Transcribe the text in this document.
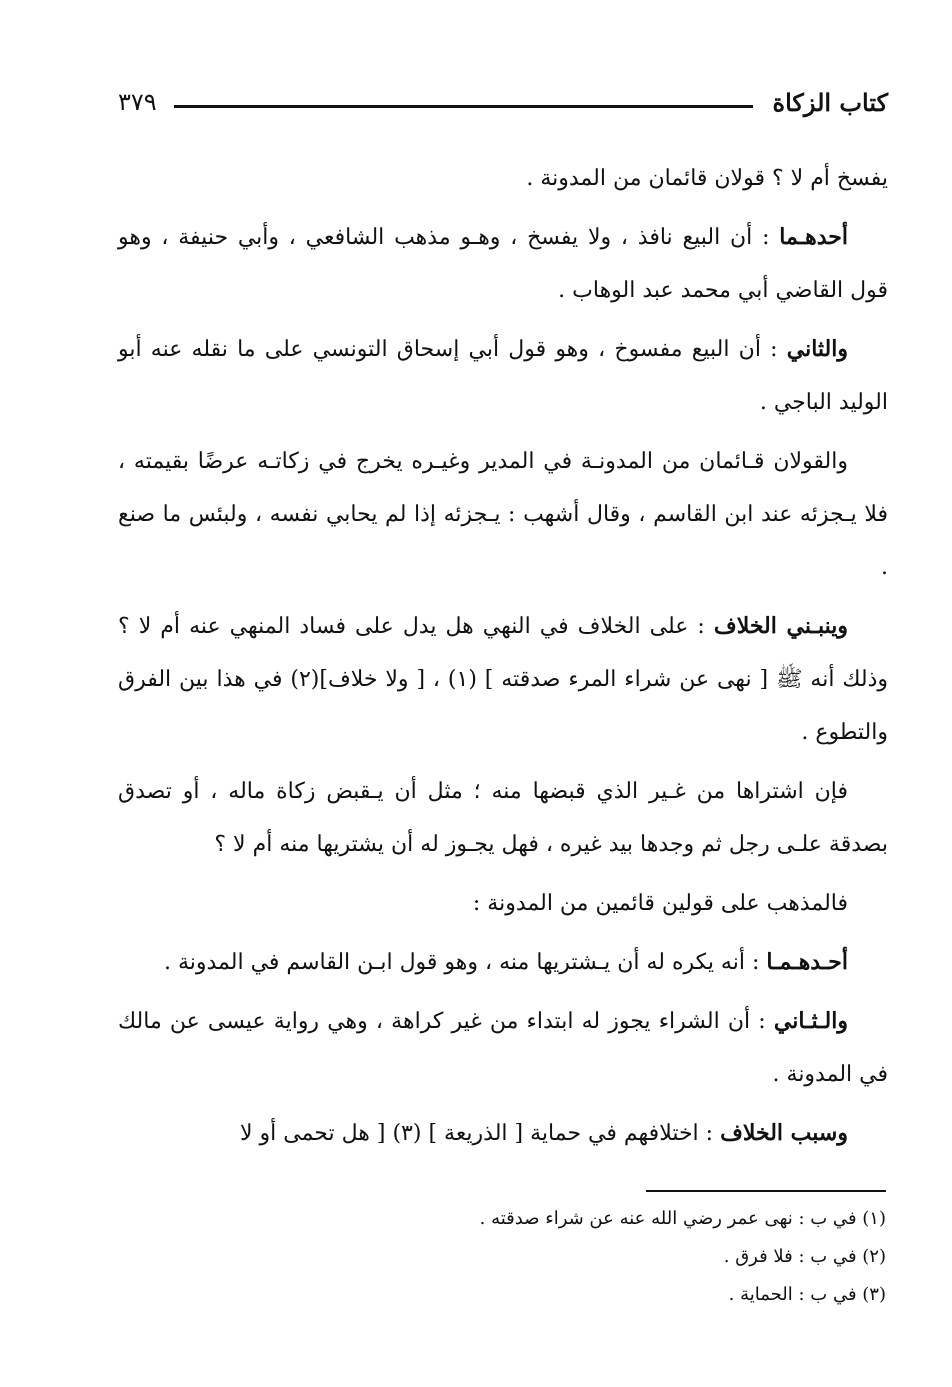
كتاب الزكاة
٣٧٩

يفسخ أم لا ؟ قولان قائمان من المدونة .

أحدهـما : أن البيع نافذ ، ولا يفسخ ، وهـو مذهب الشافعي ، وأبي حنيفة ، وهو قول القاضي أبي محمد عبد الوهاب .

والثاني : أن البيع مفسوخ ، وهو قول أبي إسحاق التونسي على ما نقله عنه أبو الوليد الباجي .

والقولان قـائمان من المدونـة في المدير وغيـره يخرج في زكاتـه عرضًا بقيمته ، فلا يـجزئه عند ابن القاسم ، وقال أشهب : يـجزئه إذا لم يحابي نفسه ، ولبئس ما صنع .

وينبـني الخلاف : على الخلاف في النهي هل يدل على فساد المنهي عنه أم لا ؟ وذلك أنه ﷺ [ نهى عن شراء المرء صدقته ] (١) ، [ ولا خلاف](٢) في هذا بين الفرق والتطوع .

فإن اشتراها من غـير الذي قبضها منه ؛ مثل أن يـقبض زكاة ماله ، أو تصدق بصدقة علـى رجل ثم وجدها بيد غيره ، فهل يجـوز له أن يشتريها منه أم لا ؟

فالمذهب على قولين قائمين من المدونة :

أحـدهـمـا : أنه يكره له أن يـشتريها منه ، وهو قول ابـن القاسم في المدونة .

والـثـاني : أن الشراء يجوز له ابتداء من غير كراهة ، وهي رواية عيسى عن مالك في المدونة .

وسبب الخلاف : اختلافهم في حماية [ الذريعة ] (٣) [ هل تحمى أو لا

(١) في ب : نهى عمر رضي الله عنه عن شراء صدقته .
(٢) في ب : فلا فرق .
(٣) في ب : الحماية .
